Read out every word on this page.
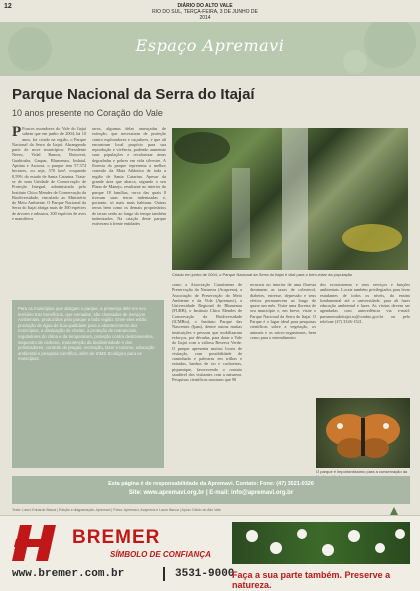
12	DIÁRIO DO ALTO VALE
RIO DO SUL, TERÇA-FEIRA, 3 DE JUNHO DE 2014
Espaço Apremavi
Parque Nacional da Serra do Itajaí
10 anos presente no Coração do Vale
P Poucos moradores do Vale do Itajaí sabem que em junho de 2004, há 10 anos, foi criado na região, o Parque Nacional da Serra do Itajaí. Abrangendo parte de nove municípios: Presidente Nereu, Vidal Ramos, Botuverá, Guabiruba, Gaspar, Blumenau, Indaial, Apiúna e Ascurra, o parque tem 57.374 hectares, ou seja, 570 km², ocupando 0,59% do estado de Santa Catarina. Trata-se de uma Unidade de Conservação de Proteção Integral, administrada pelo Instituto Chico Mendes de Conservação da Biodiversidade, vinculado ao Ministério do Meio Ambiente. O Parque Nacional da Serra do Itajaí abriga mais de 300 espécies de árvores e arbustos, 300 espécies de aves e mamíferos
raros, algumas delas ameaçadas de extinção, que necessitam de proteção contra exploradores e caçadores, e que ali encontram local propício para sua reprodução e vivência, podendo aumentar suas populações e recolonizar áreas degradadas e pobres em vida silvestre. A floresta do parque representa a melhor conexão da Mata Atlântica de toda a região de Santa Catarina. Apesar da grande área que abarca, segundo o seu Plano de Manejo, resultante no interior do parque 18 famílias, cerca das quais 8 tiveram suas terras indenizadas e, portanto, só mais mais habitam. Outras terras bem como os demais proprietários de terras serão ao longo do tempo também indenizados. Na criação deste parque estiveram à frente entidades
Criado em junho de 2004, o Parque Nacional da Serra do Itajaí é vital para o bem-estar da população
como a Associação Catarinense de Preservação da Natureza (Acaprena), a Associação de Preservação do Meio Ambiente e da Vida (Apremavi), a Universidade Regional de Blumenau (FURB), o Instituto Chico Mendes de Conservação da Biodiversidade (ICMBio), o Instituto Parque das Nascentes (Ipan), dentre outras muitas instituições e pessoas que mobilizaram esforços, por décadas, para dotar o Vale do Itajaí com a valiosa Reserva Verde. O parque apresenta muitos locais de visitação, com possibilidade de caminhada e palestras em trilhas e estradas, banhos de rio e cachoeiras, piquenique, favorecendo o contato saudável dos visitantes com a natureza. Pesquisas científicas mostram que 90
recursos no interior de uma floresta diminuem as taxas de colesterol, diabetes, estresse, depressão e seus efeitos permanecem ao longo de quase um mês. Visite uma floresta de seu município e, em breve, visite o Parque Nacional da Serra do Itajaí. O Parque é o lugar ideal para pesquisas científicas sobre a vegetação, os animais e os micro-organismos, bem como para o entendimento
dos ecossistemas e seus serviços e funções ambientais. Locais também privilegiados para levar estudantes de todos os níveis, do ensino fundamental até a universidade, para ali fazer educação ambiental e lazer. As visitas devem ser agendadas com antecedência via e-mail: parnaserradoitajai.sc@icmbio.gov.br ou pelo telefone (47) 3326-1521.
Para os municípios que abrigam o parque, a presença dele em seu território traz benefícios, que somados, são chamados de Serviços Ambientais, produzidos pelo parque a toda região. Entre eles estão: produção de água de boa qualidade para o abastecimento dos municípios, a dissipação de cheias, a proteção de mananciais, reguladores do clima e da temperatura, proteção contra deslizamentos, sequestro de carbono, manutenção da biodiversidade e dos polinizadores, controle de pragas, recreação, lazer e turismo, educação ambiental e pesquisa científica, além do ICMS Ecológico para os municípios.
O parque é importantíssimo para a conservação da
Esta página é de responsabilidade da Apremavi. Contato: Fone: (47) 3521-0326
Site: www.apremavi.org.br | E-mail: info@apremavi.org.br
Texto: Lauro Eduardo Bacca | Edição e diagramação: Apremavi | Fotos: Apremavi, Acaprena e Lauro Bacca | Apoio: Diário do Alto Vale
BREMER
SÍMBOLO DE CONFIANÇA
www.bremer.com.br	3531-9000
Faça a sua parte também. Preserve a natureza.
